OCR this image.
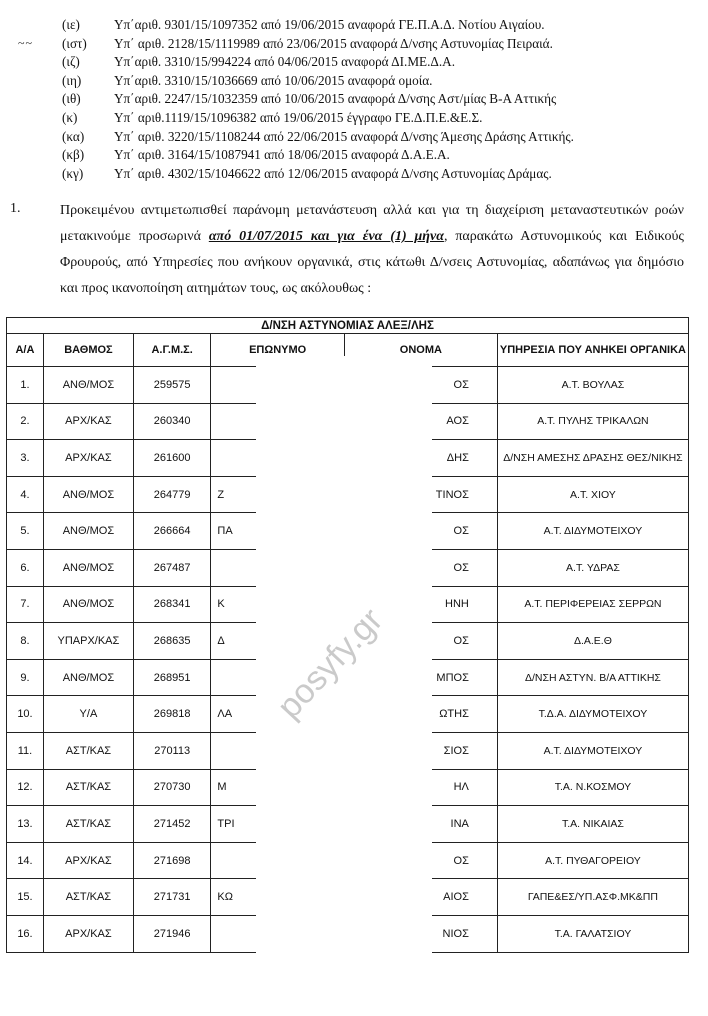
~ ~
(ιε)	Υπ΄αριθ. 9301/15/1097352 από 19/06/2015 αναφορά ΓΕ.Π.Α.Δ. Νοτίου Αιγαίου.
(ιστ)	Υπ΄ αριθ. 2128/15/1119989 από 23/06/2015 αναφορά Δ/νσης Αστυνομίας Πειραιά.
(ιζ)	Υπ΄αριθ. 3310/15/994224 από 04/06/2015 αναφορά ΔΙ.ΜΕ.Δ.Α.
(ιη)	Υπ΄αριθ. 3310/15/1036669 από 10/06/2015 αναφορά ομοία.
(ιθ)	Υπ΄αριθ. 2247/15/1032359 από 10/06/2015 αναφορά Δ/νσης Αστ/μίας Β-Α Αττικής
(κ)	Υπ΄ αριθ.1119/15/1096382 από 19/06/2015 έγγραφο ΓΕ.Δ.Π.Ε.&Ε.Σ.
(κα)	Υπ΄ αριθ. 3220/15/1108244 από 22/06/2015 αναφορά Δ/νσης Άμεσης Δράσης Αττικής.
(κβ)	Υπ΄ αριθ. 3164/15/1087941 από 18/06/2015 αναφορά Δ.Α.Ε.Α.
(κγ)	Υπ΄ αριθ. 4302/15/1046622 από 12/06/2015 αναφορά Δ/νσης Αστυνομίας Δράμας.
1.	Προκειμένου αντιμετωπισθεί παράνομη μετανάστευση αλλά και για τη διαχείριση μεταναστευτικών ροών μετακινούμε προσωρινά από 01/07/2015 και για ένα (1) μήνα, παρακάτω Αστυνομικούς και Ειδικούς Φρουρούς, από Υπηρεσίες που ανήκουν οργανικά, στις κάτωθι Δ/νσεις Αστυνομίας, αδαπάνως για δημόσιο και προς ικανοποίηση αιτημάτων τους, ως ακόλουθως :
Δ/ΝΣΗ ΑΣΤΥΝΟΜΙΑΣ ΑΛΕΞ/ΛΗΣ					
Α/Α	ΒΑΘΜΟΣ	Α.Γ.Μ.Σ.	ΕΠΩΝΥΜΟ	ΟΝΟΜΑ	ΥΠΗΡΕΣΙΑ ΠΟΥ ΑΝΗΚΕΙ ΟΡΓΑΝΙΚΑ
1.	ΑΝΘ/ΜΟΣ	259575		ΟΣ	Α.Τ. ΒΟΥΛΑΣ
2.	ΑΡΧ/ΚΑΣ	260340		ΑΟΣ	Α.Τ. ΠΥΛΗΣ ΤΡΙΚΑΛΩΝ
3.	ΑΡΧ/ΚΑΣ	261600		ΔΗΣ	Δ/ΝΣΗ ΑΜΕΣΗΣ ΔΡΑΣΗΣ ΘΕΣ/ΝΙΚΗΣ
4.	ΑΝΘ/ΜΟΣ	264779	Ζ	ΤΙΝΟΣ	Α.Τ. ΧΙΟΥ
5.	ΑΝΘ/ΜΟΣ	266664	ΠΑ	ΟΣ	Α.Τ. ΔΙΔΥΜΟΤΕΙΧΟΥ
6.	ΑΝΘ/ΜΟΣ	267487		ΟΣ	Α.Τ. ΥΔΡΑΣ
7.	ΑΝΘ/ΜΟΣ	268341	Κ	ΗΝΗ	Α.Τ. ΠΕΡΙΦΕΡΕΙΑΣ ΣΕΡΡΩΝ
8.	ΥΠΑΡΧ/ΚΑΣ	268635	Δ	ΟΣ	Δ.Α.Ε.Θ
9.	ΑΝΘ/ΜΟΣ	268951		ΜΠΟΣ	Δ/ΝΣΗ ΑΣΤΥΝ. Β/Α ΑΤΤΙΚΗΣ
10.	Υ/Α	269818	ΛΑ	ΩΤΗΣ	Τ.Δ.Α. ΔΙΔΥΜΟΤΕΙΧΟΥ
11.	ΑΣΤ/ΚΑΣ	270113		ΣΙΟΣ	Α.Τ. ΔΙΔΥΜΟΤΕΙΧΟΥ
12.	ΑΣΤ/ΚΑΣ	270730	Μ	ΗΛ	Τ.Α. Ν.ΚΟΣΜΟΥ
13.	ΑΣΤ/ΚΑΣ	271452	ΤΡΙ	ΙΝΑ	Τ.Α. ΝΙΚΑΙΑΣ
14.	ΑΡΧ/ΚΑΣ	271698		ΟΣ	Α.Τ. ΠΥΘΑΓΟΡΕΙΟΥ
15.	ΑΣΤ/ΚΑΣ	271731	ΚΩ	ΑΙΟΣ	ΓΑΠΕ&ΕΣ/ΥΠ.ΑΣΦ.ΜΚ&ΠΠ
16.	ΑΡΧ/ΚΑΣ	271946		ΝΙΟΣ	Τ.Α. ΓΑΛΑΤΣΙΟΥ
posyfy.gr
